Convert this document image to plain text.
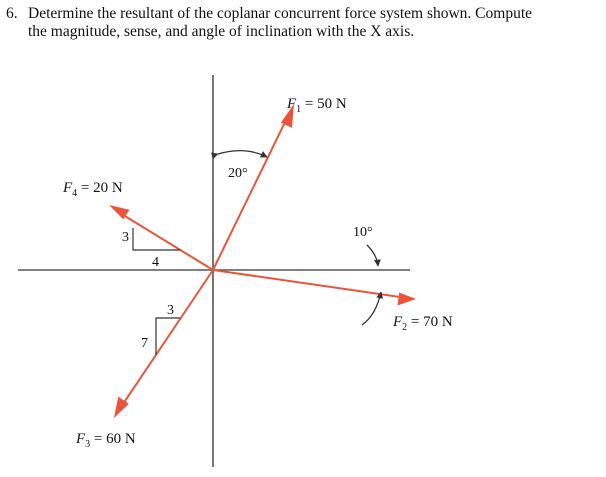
6. Determine the resultant of the coplanar concurrent force system shown. Compute
the magnitude, sense, and angle of inclination with the X axis.
3
4
3
7
20°
10°
$F_1 = 50$ N
$F_2 = 70$ N
$F_3 = 60$ N
$F_4 = 20$ N
